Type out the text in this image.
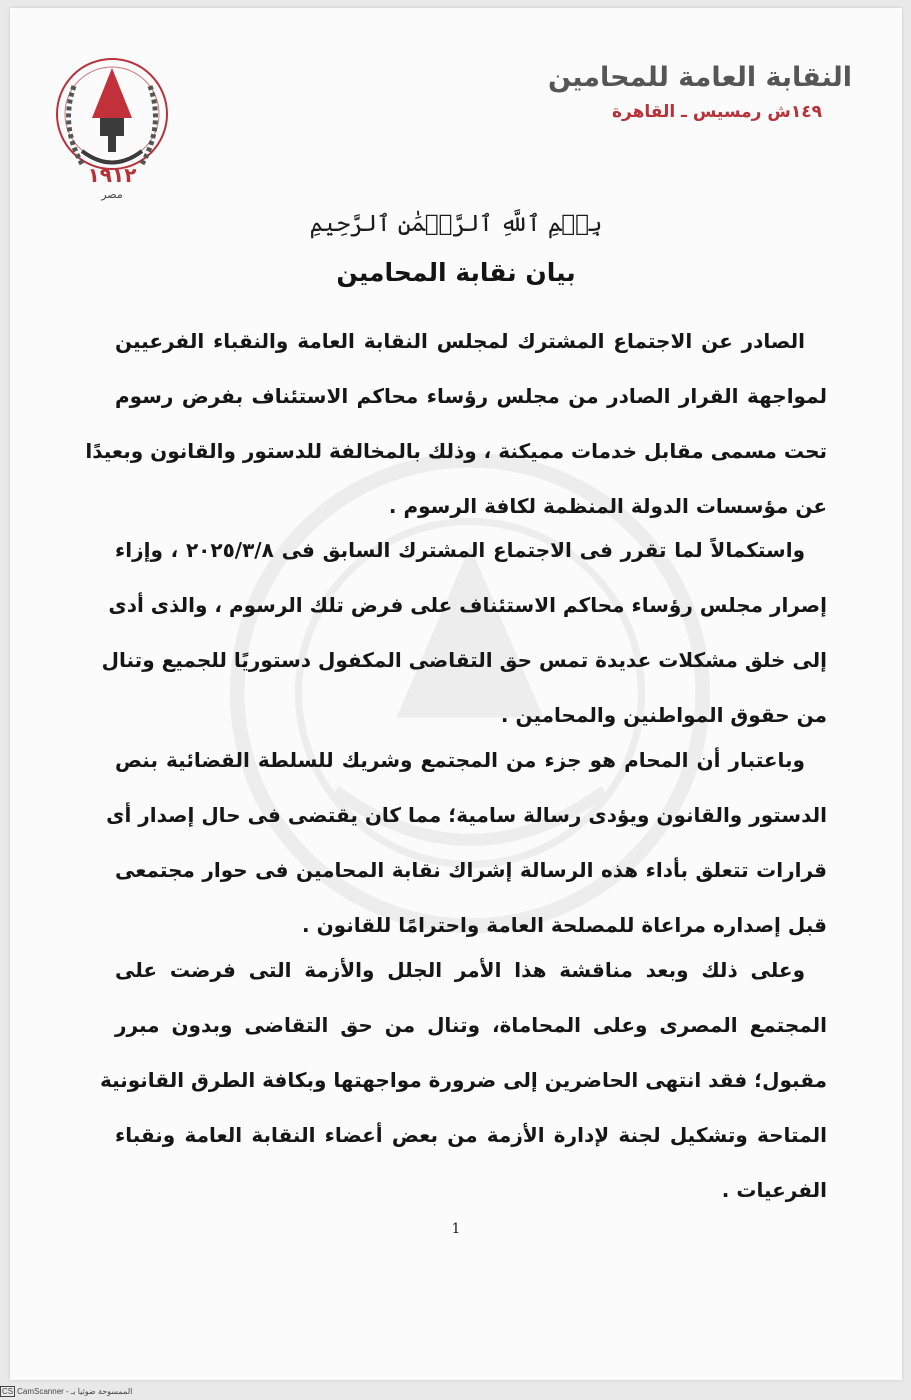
١٩١٢
مصر
النقابة العامة للمحامين
١٤٩ش رمسيس ـ القاهرة
بِسۡمِ ٱللَّهِ ٱلرَّحۡمَٰنِ ٱلرَّحِيمِ
بيان نقابة المحامين
الصادر عن الاجتماع المشترك لمجلس النقابة العامة والنقباء الفرعيين
لمواجهة القرار الصادر من مجلس رؤساء محاكم الاستئناف بفرض رسوم
تحت مسمى مقابل خدمات مميكنة ، وذلك بالمخالفة للدستور والقانون وبعيدًا
عن مؤسسات الدولة المنظمة لكافة الرسوم .
واستكمالاً لما تقرر فى الاجتماع المشترك السابق فى ٢٠٢٥/٣/٨ ، وإزاء
إصرار مجلس رؤساء محاكم الاستئناف على فرض تلك الرسوم ، والذى أدى
إلى خلق مشكلات عديدة تمس حق التقاضى المكفول دستوريًا للجميع وتنال
من حقوق المواطنين والمحامين .
وباعتبار أن المحام هو جزء من المجتمع وشريك للسلطة القضائية بنص
الدستور والقانون ويؤدى رسالة سامية؛ مما كان يقتضى فى حال إصدار أى
قرارات تتعلق بأداء هذه الرسالة إشراك نقابة المحامين فى حوار مجتمعى
قبل إصداره مراعاة للمصلحة العامة واحترامًا للقانون .
وعلى ذلك وبعد مناقشة هذا الأمر الجلل والأزمة التى فرضت على
المجتمع المصرى وعلى المحاماة، وتنال من حق التقاضى وبدون مبرر
مقبول؛ فقد انتهى الحاضرين إلى ضرورة مواجهتها وبكافة الطرق القانونية
المتاحة وتشكيل لجنة لإدارة الأزمة من بعض أعضاء النقابة العامة ونقباء
الفرعيات .
1
CS CamScanner - الممسوحة ضوئيا بـ
